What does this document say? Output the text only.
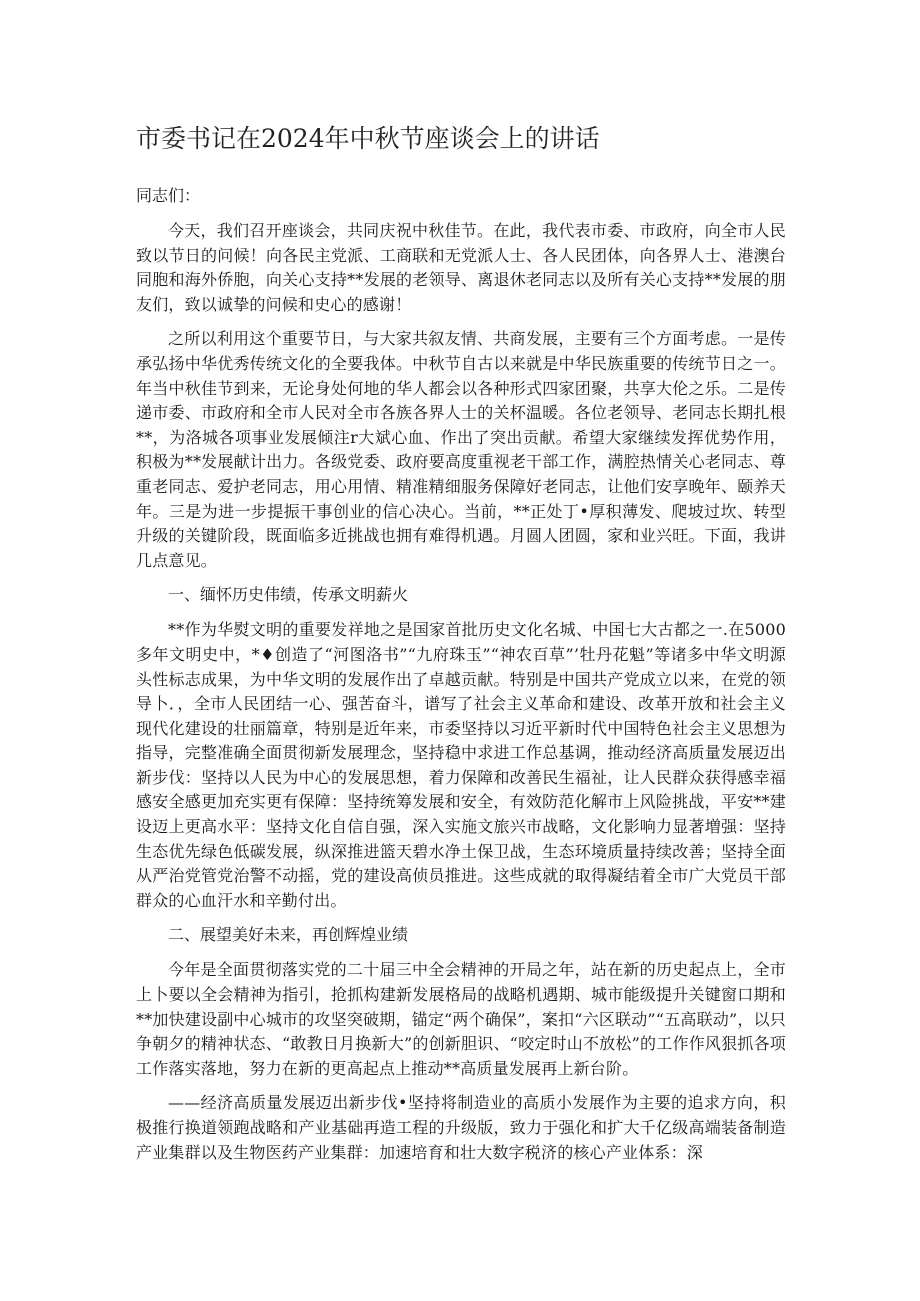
市委书记在2024年中秋节座谈会上的讲话

同志们：

今天，我们召开座谈会，共同庆祝中秋佳节。在此，我代表市委、市政府，向全市人民致以节日的问候！向各民主党派、工商联和无党派人士、各人民团体，向各界人士、港澳台同胞和海外侨胞，向关心支持**发展的老领导、离退休老同志以及所有关心支持**发展的朋友们，致以诚挚的问候和史心的感谢！

之所以利用这个重要节日，与大家共叙友情、共商发展，主要有三个方面考虑。一是传承弘扬中华优秀传统文化的全要我体。中秋节自古以来就是中华民族重要的传统节日之一。年当中秋佳节到来，无论身处何地的华人都会以各种形式四家团聚，共享大伦之乐。二是传递市委、市政府和全市人民对全市各族各界人士的关杯温暖。各位老领导、老同志长期扎根**，为洛城各项事业发展倾注r大斌心血、作出了突出贡献。希望大家继续发挥优势作用，积极为**发展献计出力。各级党委、政府要高度重视老干部工作，满腔热情关心老同志、尊重老同志、爱护老同志，用心用情、精准精细服务保障好老同志，让他们安享晚年、颐养天年。三是为进一步提振干事创业的信心决心。当前，**正处丁•厚积薄发、爬坡过坎、转型升级的关键阶段，既面临多近挑战也拥有难得机遇。月圆人团圆，家和业兴旺。下面，我讲几点意见。

一、缅怀历史伟绩，传承文明薪火

**作为华熨文明的重要发祥地之是国家首批历史文化名城、中国七大古都之一.在5000多年文明史中，*♦创造了“河图洛书”“九府珠玉”“神农百草”’牡丹花魁”等诸多中华文明源头性标志成果，为中华文明的发展作出了卓越贡献。特别是中国共产党成立以来，在党的领导卜．，全市人民团结一心、强苦奋斗，谱写了社会主义革命和建设、改革开放和社会主义现代化建设的壮丽篇章，特别是近年来，市委坚持以习近平新时代中国特色社会主义思想为指导，完整准确全面贯彻新发展理念，坚持稳中求进工作总基调，推动经济高质量发展迈出新步伐：坚持以人民为中心的发展思想，着力保障和改善民生福祉，让人民群众获得感幸福感安全感更加充实更有保障：坚持统筹发展和安全，有效防范化解市上风险挑战，平安**建设迈上更高水平：坚持文化自信自强，深入实施文旅兴市战略，文化影响力显著増强：坚持生态优先绿色低碳发展，纵深推进篮天碧水净土保卫战，生态环境质量持续改善；坚持全面从严治党管党治警不动摇，党的建设高侦员推进。这些成就的取得凝结着全市广大党员干部群众的心血汗水和辛勤付出。

二、展望美好未来，再创辉煌业绩

今年是全面贯彻落实党的二十届三中全会精神的开局之年，站在新的历史起点上，全市上卜要以全会精神为指引，抢抓构建新发展格局的战略机遇期、城市能级提升关键窗口期和**加快建设副中心城市的攻坚突破期，锚定“两个确保”，案扣“六区联动”“五高联动”，以只争朝夕的精神状态、“敢教日月换新大”的创新胆识、“咬定时山不放松”的工作作风狠抓各项工作落实落地，努力在新的更高起点上推动**高质量发展再上新台阶。

——经济高质量发展迈出新步伐•坚持将制造业的高质小发展作为主要的追求方向，积极推行换道领跑战略和产业基础再造工程的升级版，致力于强化和扩大千亿级高端装备制造产业集群以及生物医药产业集群：加速培育和壮大数字税济的核心产业体系：深
